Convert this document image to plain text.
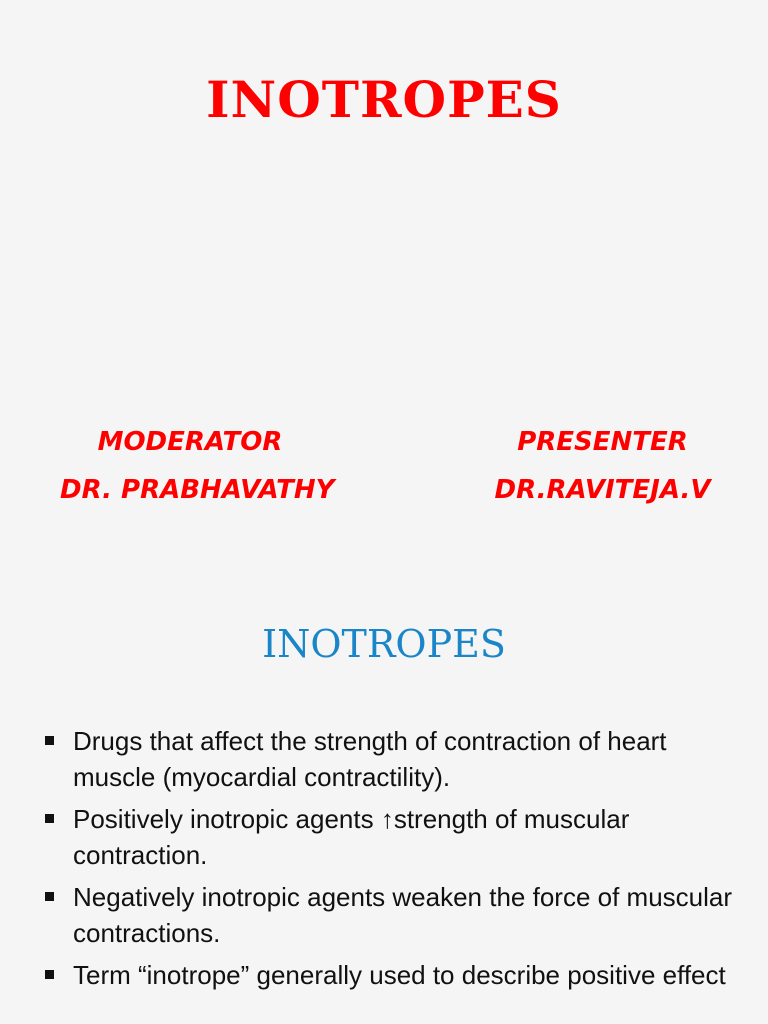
INOTROPES
MODERATOR
DR. PRABHAVATHY
PRESENTER
DR.RAVITEJA.V
INOTROPES
Drugs that affect the strength of contraction of heart muscle (myocardial contractility).
Positively inotropic agents ↑strength of muscular contraction.
Negatively inotropic agents weaken the force of muscular contractions.
Term “inotrope” generally used to describe positive effect
